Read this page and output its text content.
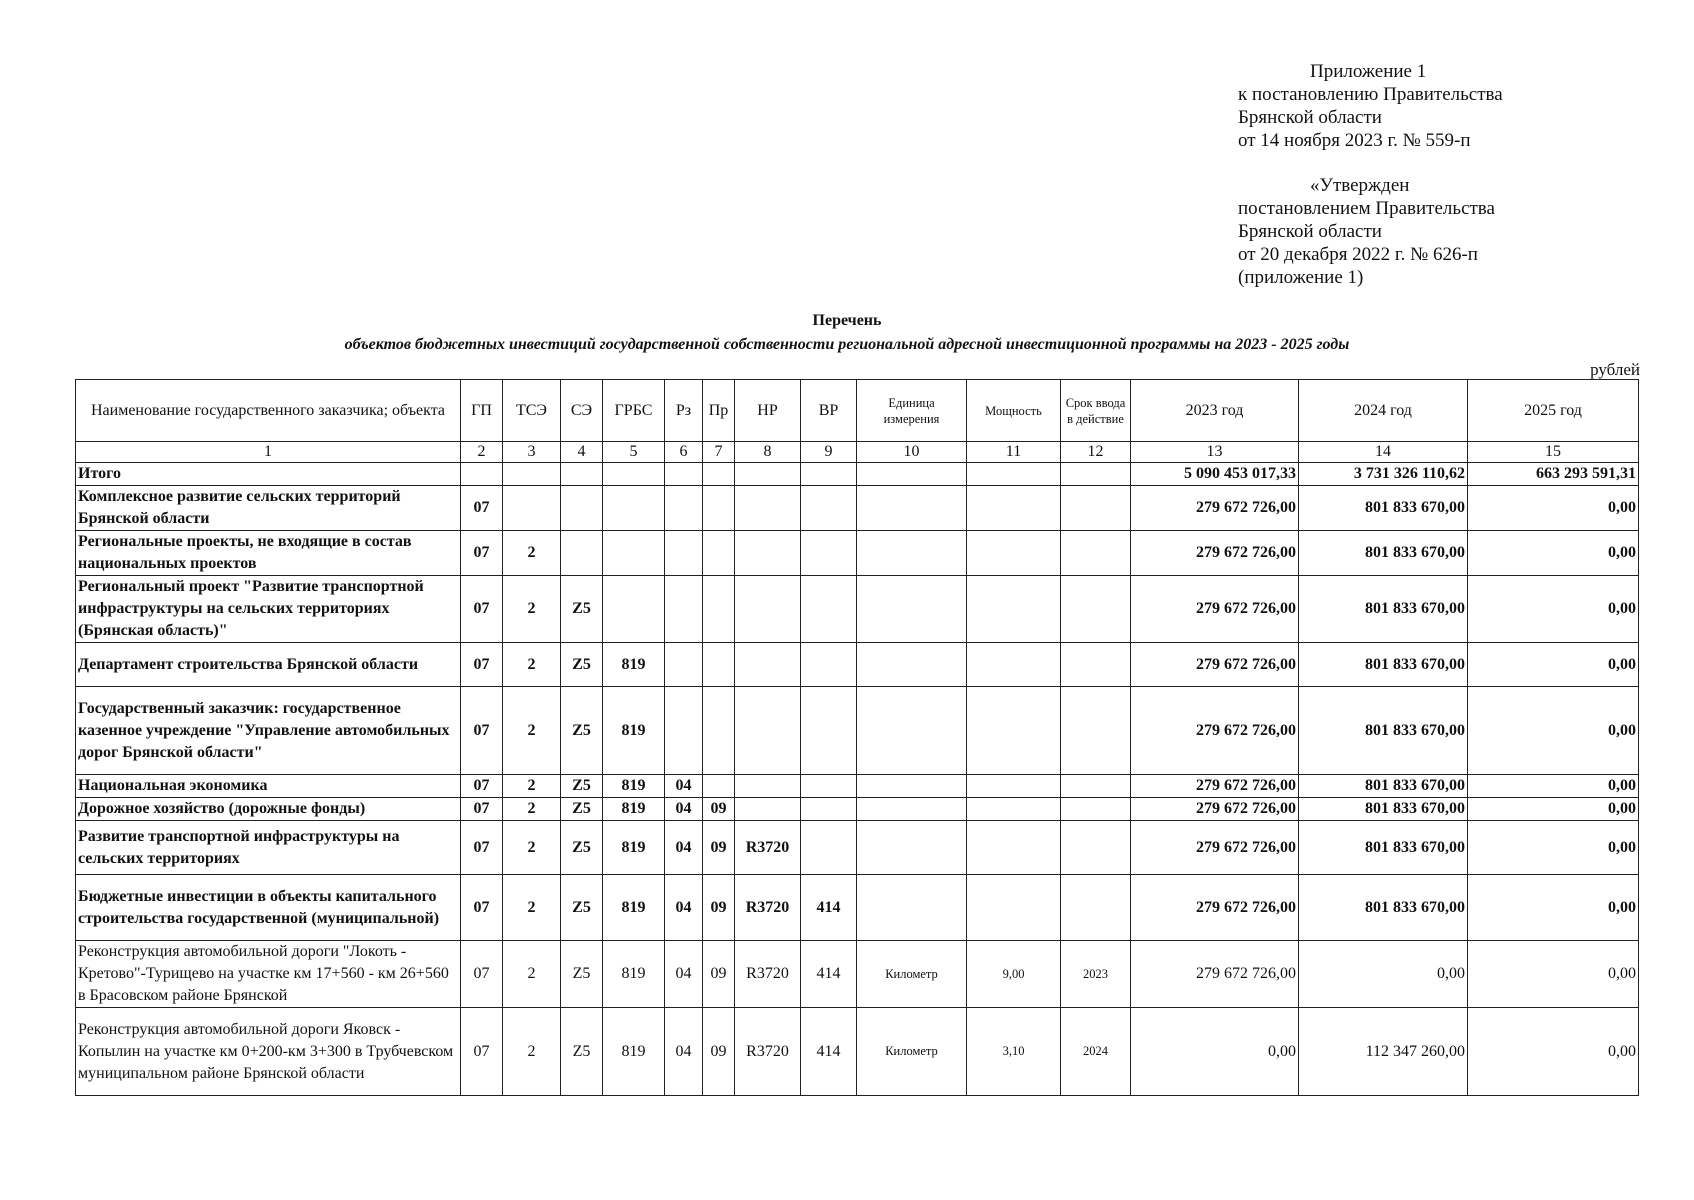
Приложение 1
к постановлению Правительства
Брянской области
от 14 ноября 2023 г. № 559-п
«Утвержден
постановлением Правительства
Брянской области
от 20 декабря 2022 г. № 626-п
(приложение 1)
Перечень
объектов бюджетных инвестиций государственной собственности региональной адресной инвестиционной программы на 2023 - 2025 годы
рублей
Наименование государственного заказчика; объекта	ГП	ТСЭ	СЭ	ГРБС	Рз	Пр	НР	ВР	Единица измерения	Мощность	Срок ввода в действие	2023 год	2024 год	2025 год
1	2	3	4	5	6	7	8	9	10	11	12	13	14	15
Итого												5 090 453 017,33	3 731 326 110,62	663 293 591,31
Комплексное развитие сельских территорий Брянской области	07											279 672 726,00	801 833 670,00	0,00
Региональные проекты, не входящие в состав национальных проектов	07	2										279 672 726,00	801 833 670,00	0,00
Региональный проект "Развитие транспортной инфраструктуры на сельских территориях (Брянская область)"	07	2	Z5									279 672 726,00	801 833 670,00	0,00
Департамент строительства Брянской области	07	2	Z5	819								279 672 726,00	801 833 670,00	0,00
Государственный заказчик: государственное казенное учреждение "Управление автомобильных дорог Брянской области"	07	2	Z5	819								279 672 726,00	801 833 670,00	0,00
Национальная экономика	07	2	Z5	819	04							279 672 726,00	801 833 670,00	0,00
Дорожное хозяйство (дорожные фонды)	07	2	Z5	819	04	09						279 672 726,00	801 833 670,00	0,00
Развитие транспортной инфраструктуры на сельских территориях	07	2	Z5	819	04	09	R3720					279 672 726,00	801 833 670,00	0,00
Бюджетные инвестиции в объекты капитального строительства государственной (муниципальной)	07	2	Z5	819	04	09	R3720	414				279 672 726,00	801 833 670,00	0,00
Реконструкция автомобильной дороги "Локоть - Кретово"-Турищево на участке км 17+560 - км 26+560 в Брасовском районе Брянской	07	2	Z5	819	04	09	R3720	414	Километр	9,00	2023	279 672 726,00	0,00	0,00
Реконструкция автомобильной дороги Яковск - Копылин на участке км 0+200-км 3+300 в Трубчевском муниципальном районе Брянской области	07	2	Z5	819	04	09	R3720	414	Километр	3,10	2024	0,00	112 347 260,00	0,00
